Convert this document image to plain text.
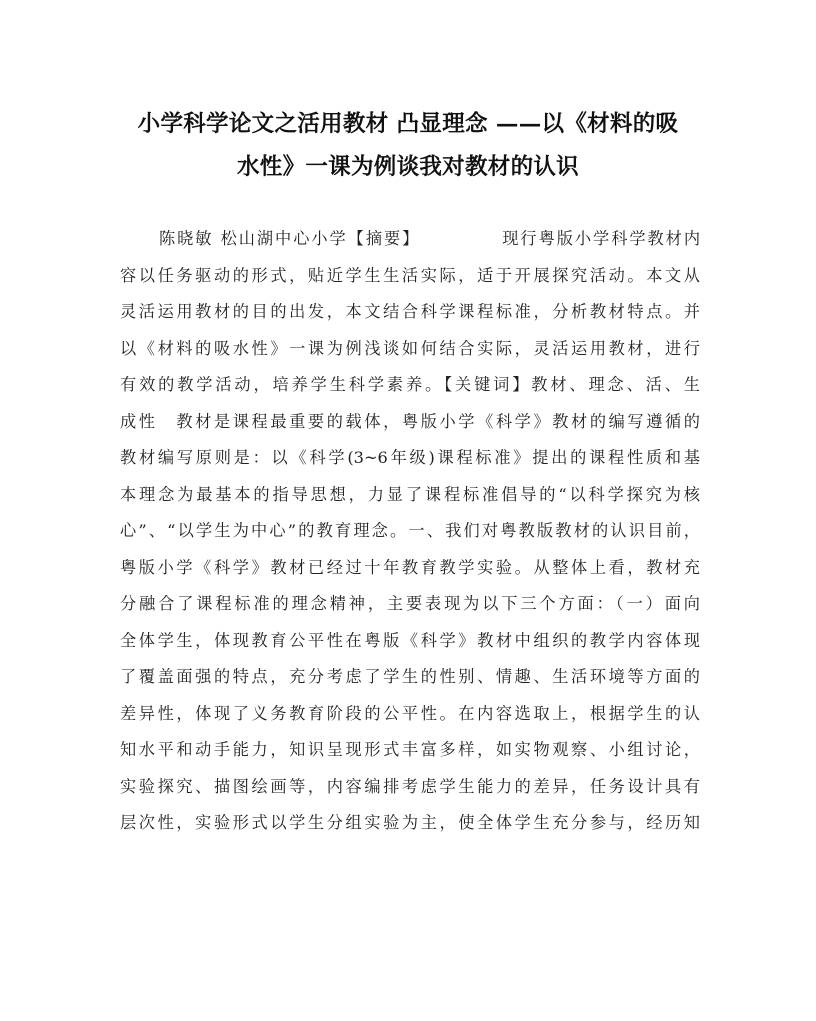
小学科学论文之活用教材 凸显理念 ——以《材料的吸
水性》一课为例谈我对教材的认识
陈晓敏 松山湖中心小学【摘要】	现行粤版小学科学教材内
容以任务驱动的形式，贴近学生生活实际，适于开展探究活动。本文从
灵活运用教材的目的出发，本文结合科学课程标准，分析教材特点。并
以《材料的吸水性》一课为例浅谈如何结合实际，灵活运用教材，进行
有效的教学活动，培养学生科学素养。【关键词】教材、理念、活、生
成性　教材是课程最重要的载体，粤版小学《科学》教材的编写遵循的
教材编写原则是：以《科学(3~6年级)课程标准》提出的课程性质和基
本理念为最基本的指导思想，力显了课程标准倡导的“以科学探究为核
心”、“以学生为中心”的教育理念。一、我们对粤教版教材的认识目前，
粤版小学《科学》教材已经过十年教育教学实验。从整体上看，教材充
分融合了课程标准的理念精神，主要表现为以下三个方面：（一）面向
全体学生，体现教育公平性在粤版《科学》教材中组织的教学内容体现
了覆盖面强的特点，充分考虑了学生的性别、情趣、生活环境等方面的
差异性，体现了义务教育阶段的公平性。在内容选取上，根据学生的认
知水平和动手能力，知识呈现形式丰富多样，如实物观察、小组讨论，
实验探究、描图绘画等，内容编排考虑学生能力的差异，任务设计具有
层次性，实验形式以学生分组实验为主，使全体学生充分参与，经历知
